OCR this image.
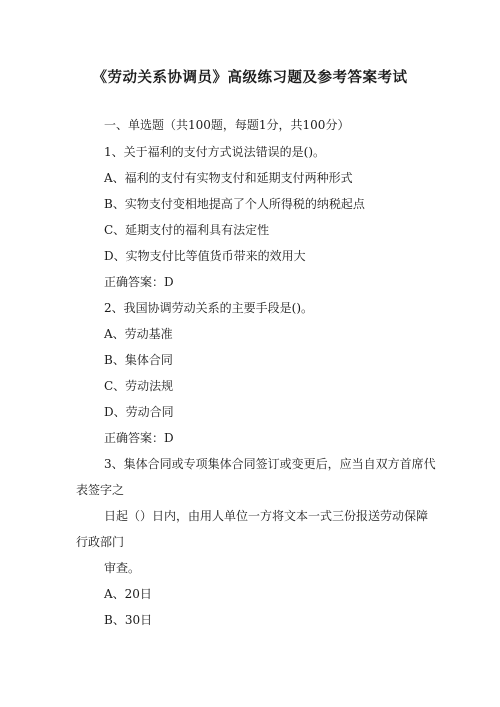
《劳动关系协调员》高级练习题及参考答案考试
一、单选题（共100题，每题1分，共100分）
1、关于福利的支付方式说法错误的是()。
A、福利的支付有实物支付和延期支付两种形式
B、实物支付变相地提高了个人所得税的纳税起点
C、延期支付的福利具有法定性
D、实物支付比等值货币带来的效用大
正确答案：D
2、我国协调劳动关系的主要手段是()。
A、劳动基准
B、集体合同
C、劳动法规
D、劳动合同
正确答案：D
3、集体合同或专项集体合同签订或变更后，应当自双方首席代表签字之
日起（）日内，由用人单位一方将文本一式三份报送劳动保障行政部门
审查。
A、20日
B、30日
